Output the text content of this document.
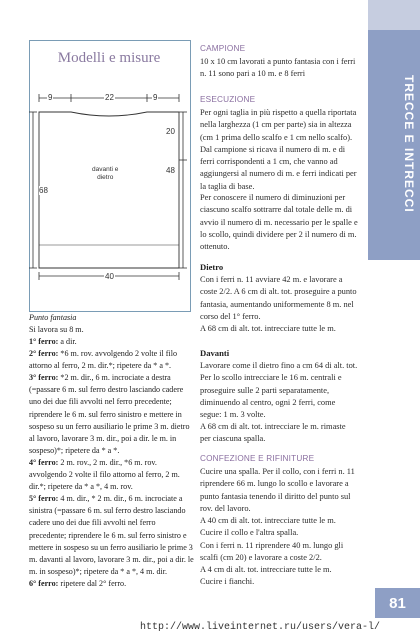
TRECCE E INTRECCI
Modelli e misure
9	22	9
20
48
68
40
davanti e
dietro
CAMPIONE
10 x 10 cm lavorati a punto fantasia con i ferri n. 11 sono pari a 10 m. e 8 ferri
ESECUZIONE
Per ogni taglia in più rispetto a quella riportata nella larghezza (1 cm per parte) sia in altezza (cm 1 prima dello scalfo e 1 cm nello scalfo). Dal campione si ricava il numero di m. e di ferri corrispondenti a 1 cm, che vanno ad aggiungersi al numero di m. e ferri indicati per la taglia di base.
Per conoscere il numero di diminuzioni per ciascuno scalfo sottrarre dal totale delle m. di avvio il numero di m. necessario per le spalle e lo scollo, quindi dividere per 2 il numero di m. ottenuto.
Dietro
Con i ferri n. 11 avviare 42 m. e lavorare a coste 2/2. A 6 cm di alt. tot. proseguire a punto fantasia, aumentando uniformemente 8 m. nel corso del 1° ferro.
A 68 cm di alt. tot. intrecciare tutte le m.
Davanti
Lavorare come il dietro fino a cm 64 di alt. tot. Per lo scollo intrecciare le 16 m. centrali e proseguire sulle 2 parti separatamente, diminuendo al centro, ogni 2 ferri, come segue: 1 m. 3 volte.
A 68 cm di alt. tot. intrecciare le m. rimaste per ciascuna spalla.
CONFEZIONE E RIFINITURE
Cucire una spalla. Per il collo, con i ferri n. 11 riprendere 66 m. lungo lo scollo e lavorare a punto fantasia tenendo il diritto del punto sul rov. del lavoro.
A 40 cm di alt. tot. intrecciare tutte le m. Cucire il collo e l'altra spalla.
Con i ferri n. 11 riprendere 40 m. lungo gli scalfi (cm 20) e lavorare a coste 2/2.
A 4 cm di alt. tot. intrecciare tutte le m.
Cucire i fianchi.
Punto fantasia
Si lavora su 8 m.
1° ferro: a dir.
2° ferro: *6 m. rov. avvolgendo 2 volte il filo attorno al ferro, 2 m. dir.*; ripetere da * a *.
3° ferro: *2 m. dir., 6 m. incrociate a destra (=passare 6 m. sul ferro destro lasciando cadere uno dei due fili avvolti nel ferro precedente; riprendere le 6 m. sul ferro sinistro e mettere in sospeso su un ferro ausiliario le prime 3 m. dietro al lavoro, lavorare 3 m. dir., poi a dir. le m. in sospeso)*; ripetere da * a *.
4° ferro: 2 m. rov., 2 m. dir., *6 m. rov. avvolgendo 2 volte il filo attorno al ferro, 2 m. dir.*; ripetere da * a *, 4 m. rov.
5° ferro: 4 m. dir., * 2 m. dir., 6 m. incrociate a sinistra (=passare 6 m. sul ferro destro lasciando cadere uno dei due fili avvolti nel ferro precedente; riprendere le 6 m. sul ferro sinistro e mettere in sospeso su un ferro ausiliario le prime 3 m. davanti al lavoro, lavorare 3 m. dir., poi a dir. le m. in sospeso)*; ripetere da * a *, 4 m. dir.
6° ferro: ripetere dal 2° ferro.
81
http://www.liveinternet.ru/users/vera-l/
